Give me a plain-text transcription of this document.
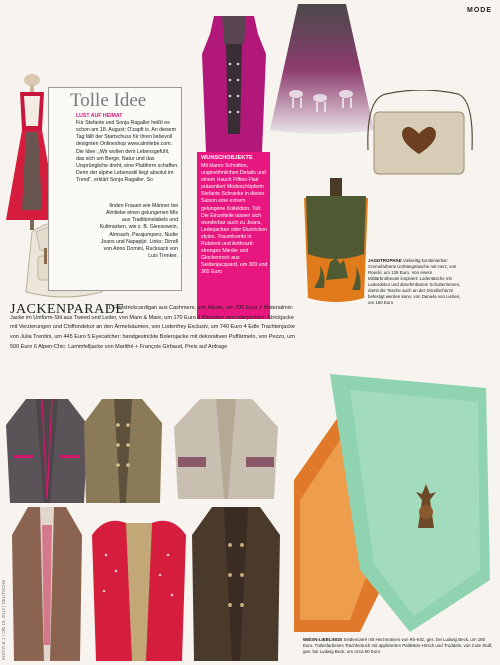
MODE
INSTYLE 1 | Okt 19, 2012 | DEUTSCHE
Tolle Idee
LUST AUF HEIMAT
Für Stefanie und Sonja Ragaller heißt es schon am 18. August: O'zapft is. An diesem Tag fällt der Startschuss für ihren liebevoll designten Onlineshop www.almliebe.com. Die Idee: „Wir wollen dem Lebensgefühl, das sich um Berge, Natur und das Ursprüngliche dreht, eine Plattform schaffen. Denn der alpine Lebensstil liegt absolut im Trend“, erklärt Sonja Ragaller. So
finden Frauen wie Männer bei Almliebe einen gelungenen Mix aus Traditionslabels und Kultmarken, wie z. B. Gleesswein, Almsach, Parajumpers, Nudie Jeans und Napapijri. Links: Dirndl von Anno Domini, Rucksack von Luis Trenker.
WUNSCHOBJEKTE
Mit klaren Schnitten, ungewöhnlichen Details und einem Hauch Fifties-Flair präsentiert Modeschöpferin Stefanie Schranke in dieser Saison eine extrem gelungene Kollektion. Toll: Die Einzelteile lassen sich wunderbar auch zu Jeans, Lederjacken oder Etuiröcken stylen. Traumkombi in Rubinrot und Anthrazit: strenges Mieder und Glockenrock aus Seidenjacquard, um 309 und 365 Euro
JAGDTROPHÄE Vielseitig kombinierbar: Cremefarbene Umhängetasche mit Herz, von Roeckl, um 128 Euro. Von einem Militärbrotbeutel inspiriert: Lodentasche mit Lederdekor und abnehmbarem Schulterriemen, damit die Tasche auch an der Dirndlschürze befestigt werden kann, von Daniela von Lieben, um 160 Euro
1 Feinstrickcardigan aus Cashmere, von Allude, um 390 Euro 2 Materialmix: Jacke im Uniform-Stil aus Tweed und Leder, von Mare & Mare, um 170 Euro 3 Klassiker neu interpretiert: Strickjacke mit Verzierungen und Chiffondekor an den Ärmelsäumen, von Lodenfrey Exclusiv, um 740 Euro 4 Edle Trachtenjacke von Julia Trentini, um 445 Euro 5 Eyecatcher: handgestrickte Bolerojacke mit dekorativen Puffärmeln, von Pezzo, um 500 Euro 6 Alpen-Chic: Lammfelljacke von Marithé + François Girbaud, Preis auf Anfrage
JACKENPARADE
WIESN-LIEBLINGE Seidencarré mit Herzmotiven von Rè-Kitz, ges. bei Ludwig Beck, um 180 Euro. Türkisfarbenes Trachtentuch mit applizierten Pailletten-Hirsch und Troddeln, von Cute Stuff, ges. bei Ludwig Beck, um circa 50 Euro
